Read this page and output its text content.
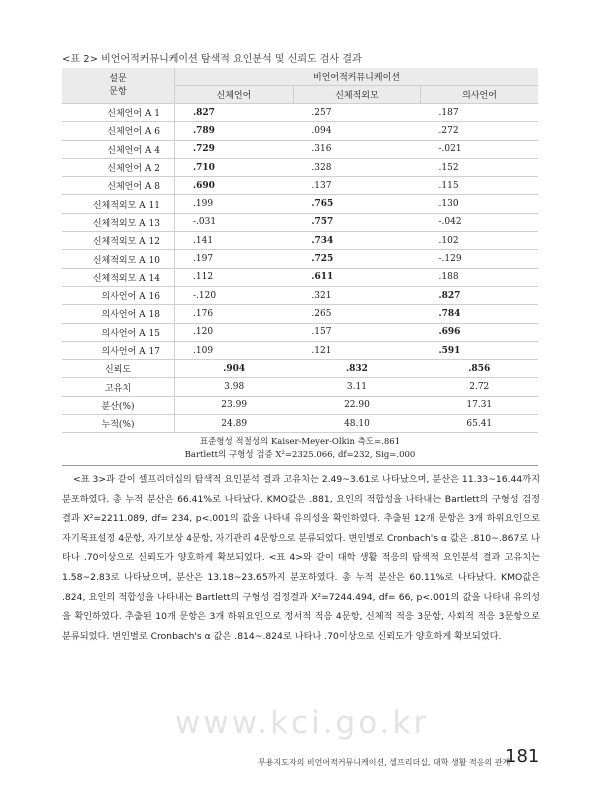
<표 2> 비언어적커뮤니케이션 탐색적 요인분석 및 신뢰도 검사 결과
설문
문항	비언어적커뮤니케이션		
	신체언어	신체적외모	의사언어
신체언어 A 1	.827	.257	.187
신체언어 A 6	.789	.094	.272
신체언어 A 4	.729	.316	-.021
신체언어 A 2	.710	.328	.152
신체언어 A 8	.690	.137	.115
신체적외모 A 11	.199	.765	.130
신체적외모 A 13	-.031	.757	-.042
신체적외모 A 12	.141	.734	.102
신체적외모 A 10	.197	.725	-.129
신체적외모 A 14	.112	.611	.188
의사언어 A 16	-.120	.321	.827
의사언어 A 18	.176	.265	.784
의사언어 A 15	.120	.157	.696
의사언어 A 17	.109	.121	.591
신뢰도	.904	.832	.856
고유치	3.98	3.11	2.72
분산(%)	23.99	22.90	17.31
누적(%)	24.89	48.10	65.41
표준형성 적절성의 Kaiser-Meyer-Olkin 측도=.861
Bartlett의 구형성 검증 X²=2325.066, df=232, Sig=.000			

<표 3>과 같이 셀프리더십의 탐색적 요인분석 결과 고유치는 2.49~3.61로 나타났으며, 분산은 11.33~16.44까지 분포하였다. 총 누적 분산은 66.41%로 나타났다. KMO값은 .881, 요인의 적합성을 나타내는 Bartlett의 구형성 검정 결과 X²=2211.089, df= 234, p<.001의 값을 나타내 유의성을 확인하였다. 추출된 12개 문항은 3개 하위요인으로 자기목표설정 4문항, 자기보상 4문항, 자기관리 4문항으로 분류되었다. 변인별로 Cronbach's α 값은 .810~.867로 나타나 .70이상으로 신뢰도가 양호하게 확보되었다. <표 4>와 같이 대학 생활 적응의 탐색적 요인분석 결과 고유치는 1.58~2.83로 나타났으며, 분산은 13.18~23.65까지 분포하였다. 총 누적 분산은 60.11%로 나타났다. KMO값은 .824, 요인의 적합성을 나타내는 Bartlett의 구형성 검정결과 X²=7244.494, df= 66, p<.001의 값을 나타내 유의성을 확인하였다. 추출된 10개 문항은 3개 하위요인으로 정서적 적응 4문항, 신체적 적응 3문항, 사회적 적응 3문항으로 분류되었다. 변인별로 Cronbach's α 값은 .814~.824로 나타나 .70이상으로 신뢰도가 양호하게 확보되었다.

www.kci.go.kr
무용지도자의 비언어적커뮤니케이션, 셀프리더십, 대학 생활 적응의 관계
181
